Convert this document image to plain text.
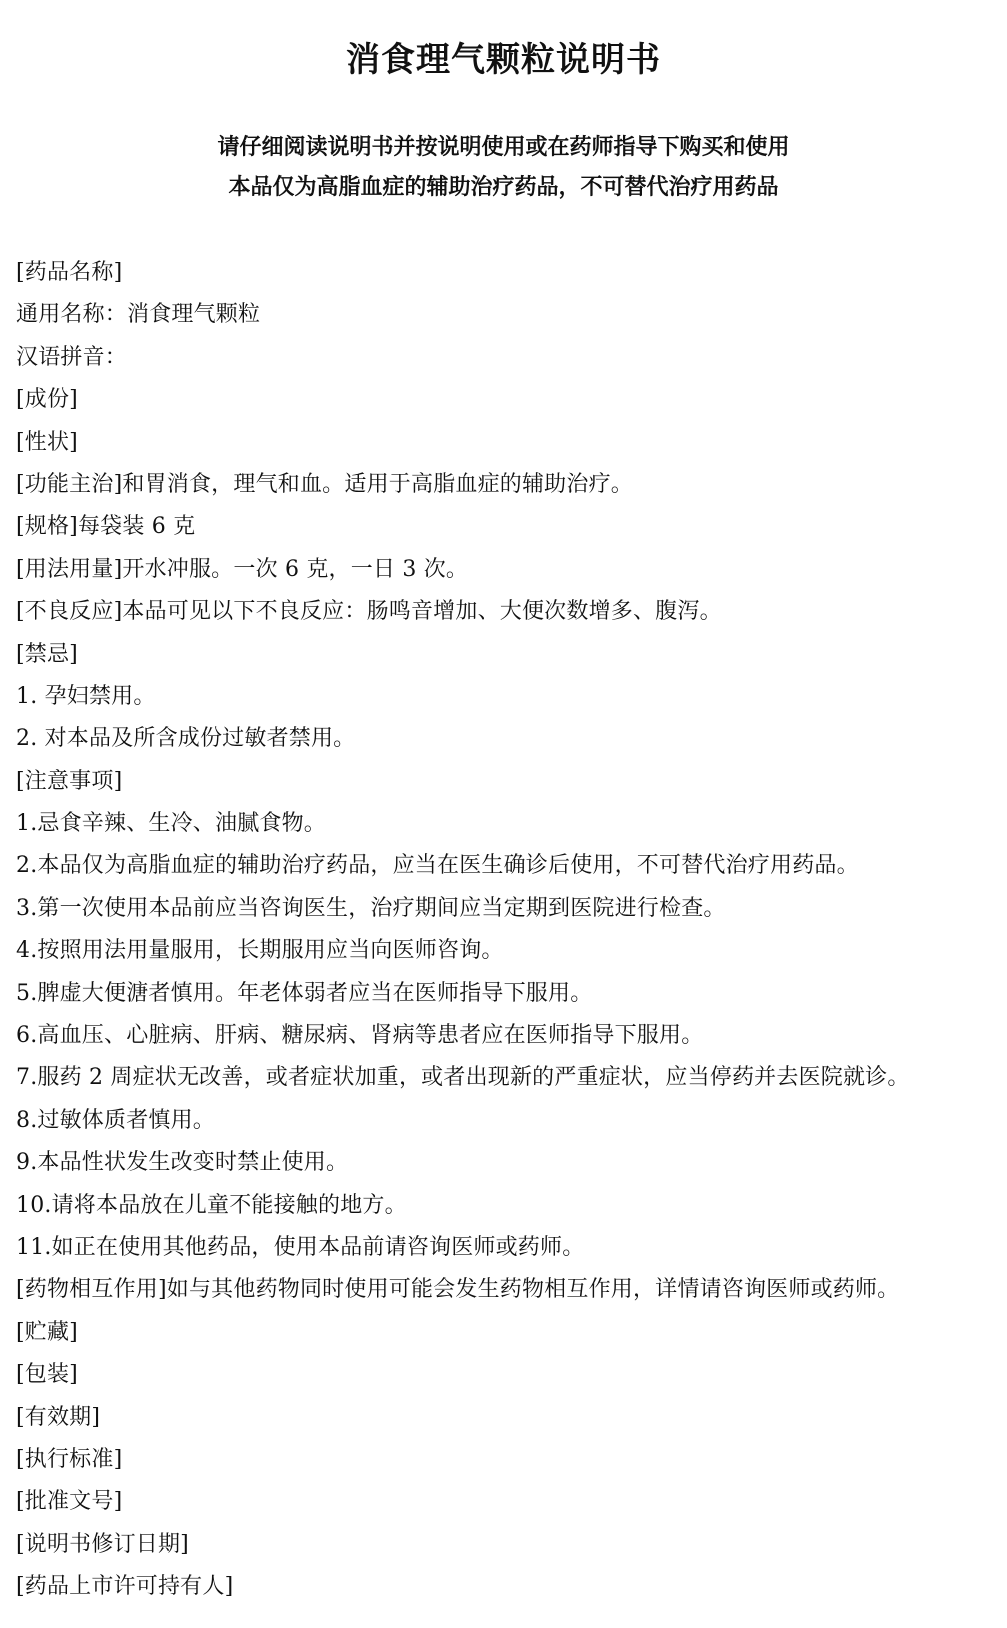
消食理气颗粒说明书
请仔细阅读说明书并按说明使用或在药师指导下购买和使用
本品仅为高脂血症的辅助治疗药品，不可替代治疗用药品
[药品名称]
通用名称：消食理气颗粒
汉语拼音：
[成份]
[性状]
[功能主治]和胃消食，理气和血。适用于高脂血症的辅助治疗。
[规格]每袋装 6 克
[用法用量]开水冲服。一次 6 克，一日 3 次。
[不良反应]本品可见以下不良反应：肠鸣音增加、大便次数增多、腹泻。
[禁忌]
1. 孕妇禁用。
2. 对本品及所含成份过敏者禁用。
[注意事项]
1.忌食辛辣、生冷、油腻食物。
2.本品仅为高脂血症的辅助治疗药品，应当在医生确诊后使用，不可替代治疗用药品。
3.第一次使用本品前应当咨询医生，治疗期间应当定期到医院进行检查。
4.按照用法用量服用，长期服用应当向医师咨询。
5.脾虚大便溏者慎用。年老体弱者应当在医师指导下服用。
6.高血压、心脏病、肝病、糖尿病、肾病等患者应在医师指导下服用。
7.服药 2 周症状无改善，或者症状加重，或者出现新的严重症状，应当停药并去医院就诊。
8.过敏体质者慎用。
9.本品性状发生改变时禁止使用。
10.请将本品放在儿童不能接触的地方。
11.如正在使用其他药品，使用本品前请咨询医师或药师。
[药物相互作用]如与其他药物同时使用可能会发生药物相互作用，详情请咨询医师或药师。
[贮藏]
[包装]
[有效期]
[执行标准]
[批准文号]
[说明书修订日期]
[药品上市许可持有人]
